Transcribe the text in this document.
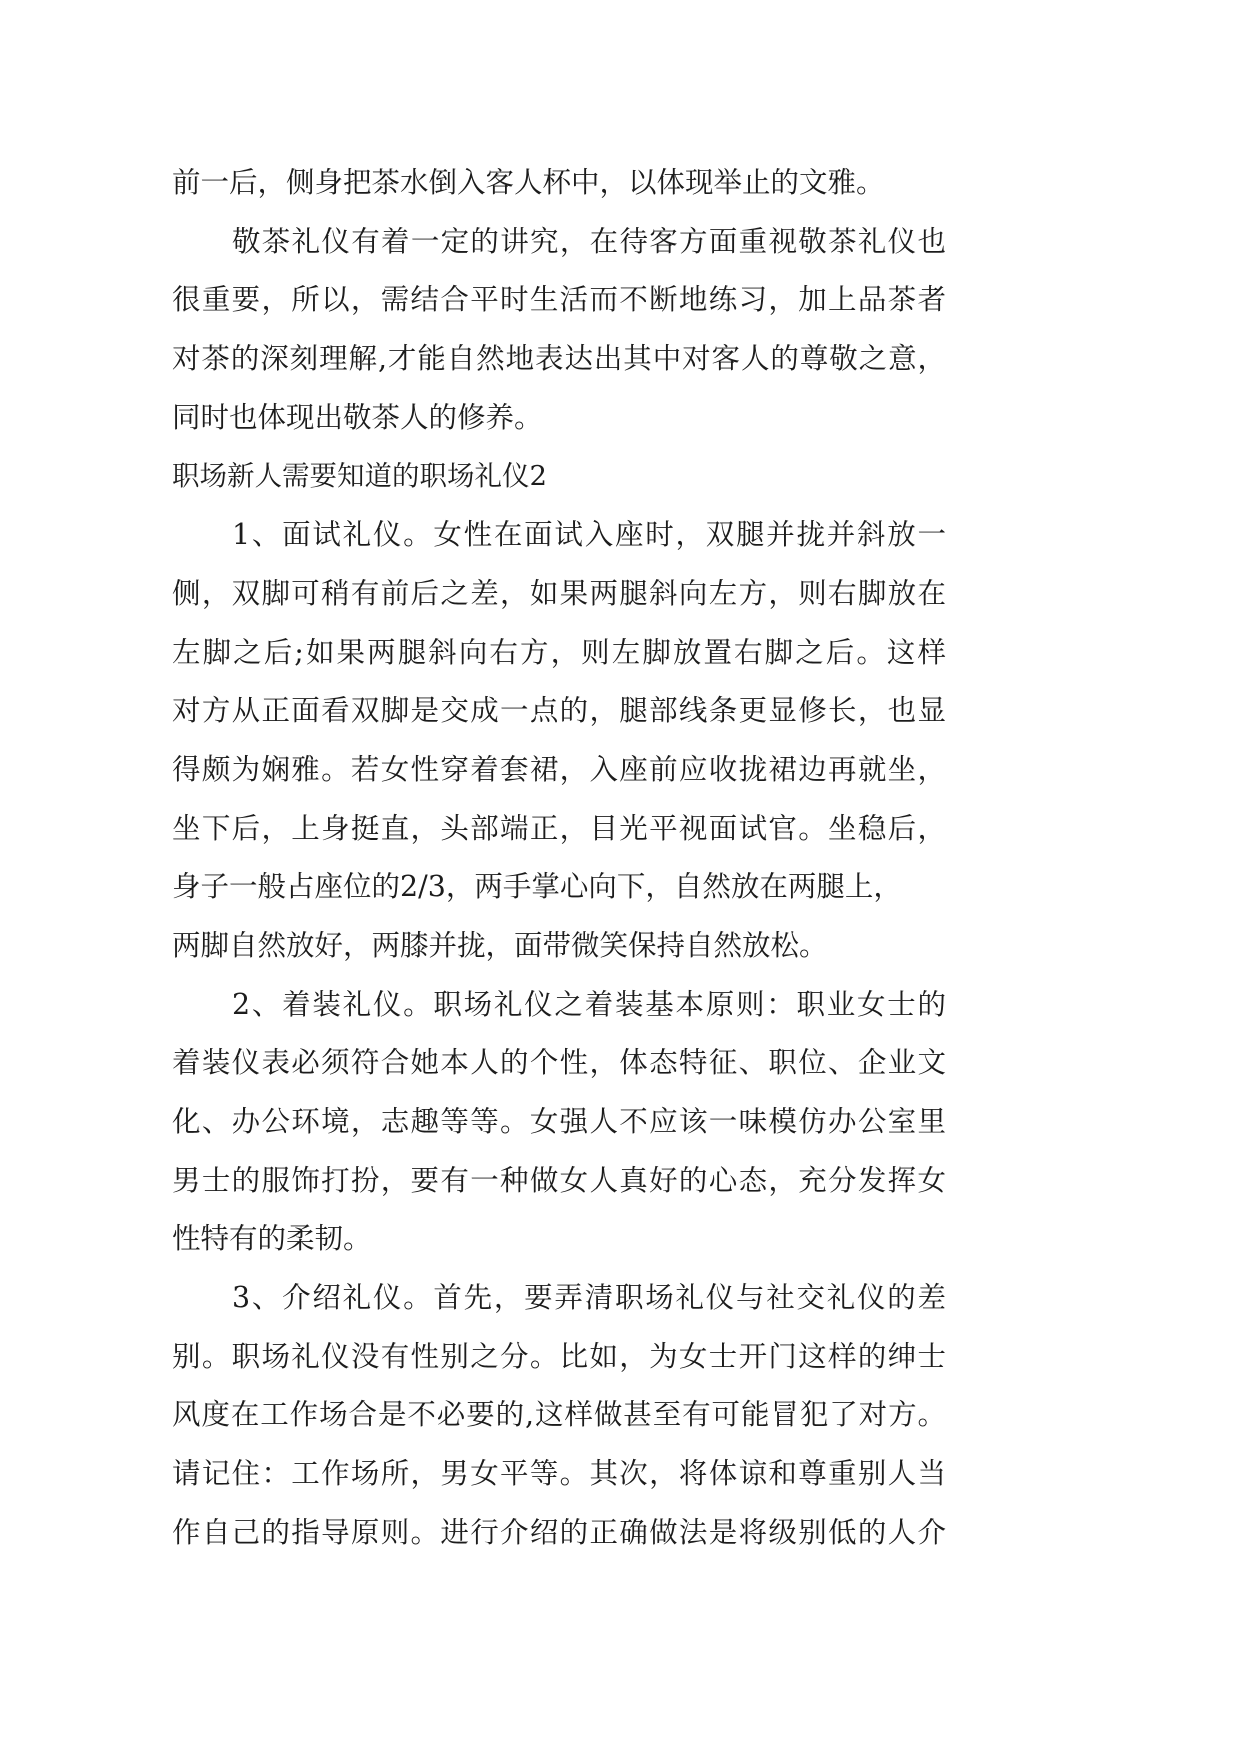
前一后，侧身把茶水倒入客人杯中，以体现举止的文雅。
敬茶礼仪有着一定的讲究，在待客方面重视敬茶礼仪也
很重要，所以，需结合平时生活而不断地练习，加上品茶者
对茶的深刻理解,才能自然地表达出其中对客人的尊敬之意，
同时也体现出敬茶人的修养。
职场新人需要知道的职场礼仪2
1、面试礼仪。女性在面试入座时，双腿并拢并斜放一
侧，双脚可稍有前后之差，如果两腿斜向左方，则右脚放在
左脚之后;如果两腿斜向右方，则左脚放置右脚之后。这样
对方从正面看双脚是交成一点的，腿部线条更显修长，也显
得颇为娴雅。若女性穿着套裙，入座前应收拢裙边再就坐，
坐下后，上身挺直，头部端正，目光平视面试官。坐稳后，
身子一般占座位的2/3，两手掌心向下，自然放在两腿上，
两脚自然放好，两膝并拢，面带微笑保持自然放松。
2、着装礼仪。职场礼仪之着装基本原则：职业女士的
着装仪表必须符合她本人的个性，体态特征、职位、企业文
化、办公环境，志趣等等。女强人不应该一味模仿办公室里
男士的服饰打扮，要有一种做女人真好的心态，充分发挥女
性特有的柔韧。
3、介绍礼仪。首先，要弄清职场礼仪与社交礼仪的差
别。职场礼仪没有性别之分。比如，为女士开门这样的绅士
风度在工作场合是不必要的,这样做甚至有可能冒犯了对方。
请记住：工作场所，男女平等。其次，将体谅和尊重别人当
作自己的指导原则。进行介绍的正确做法是将级别低的人介
